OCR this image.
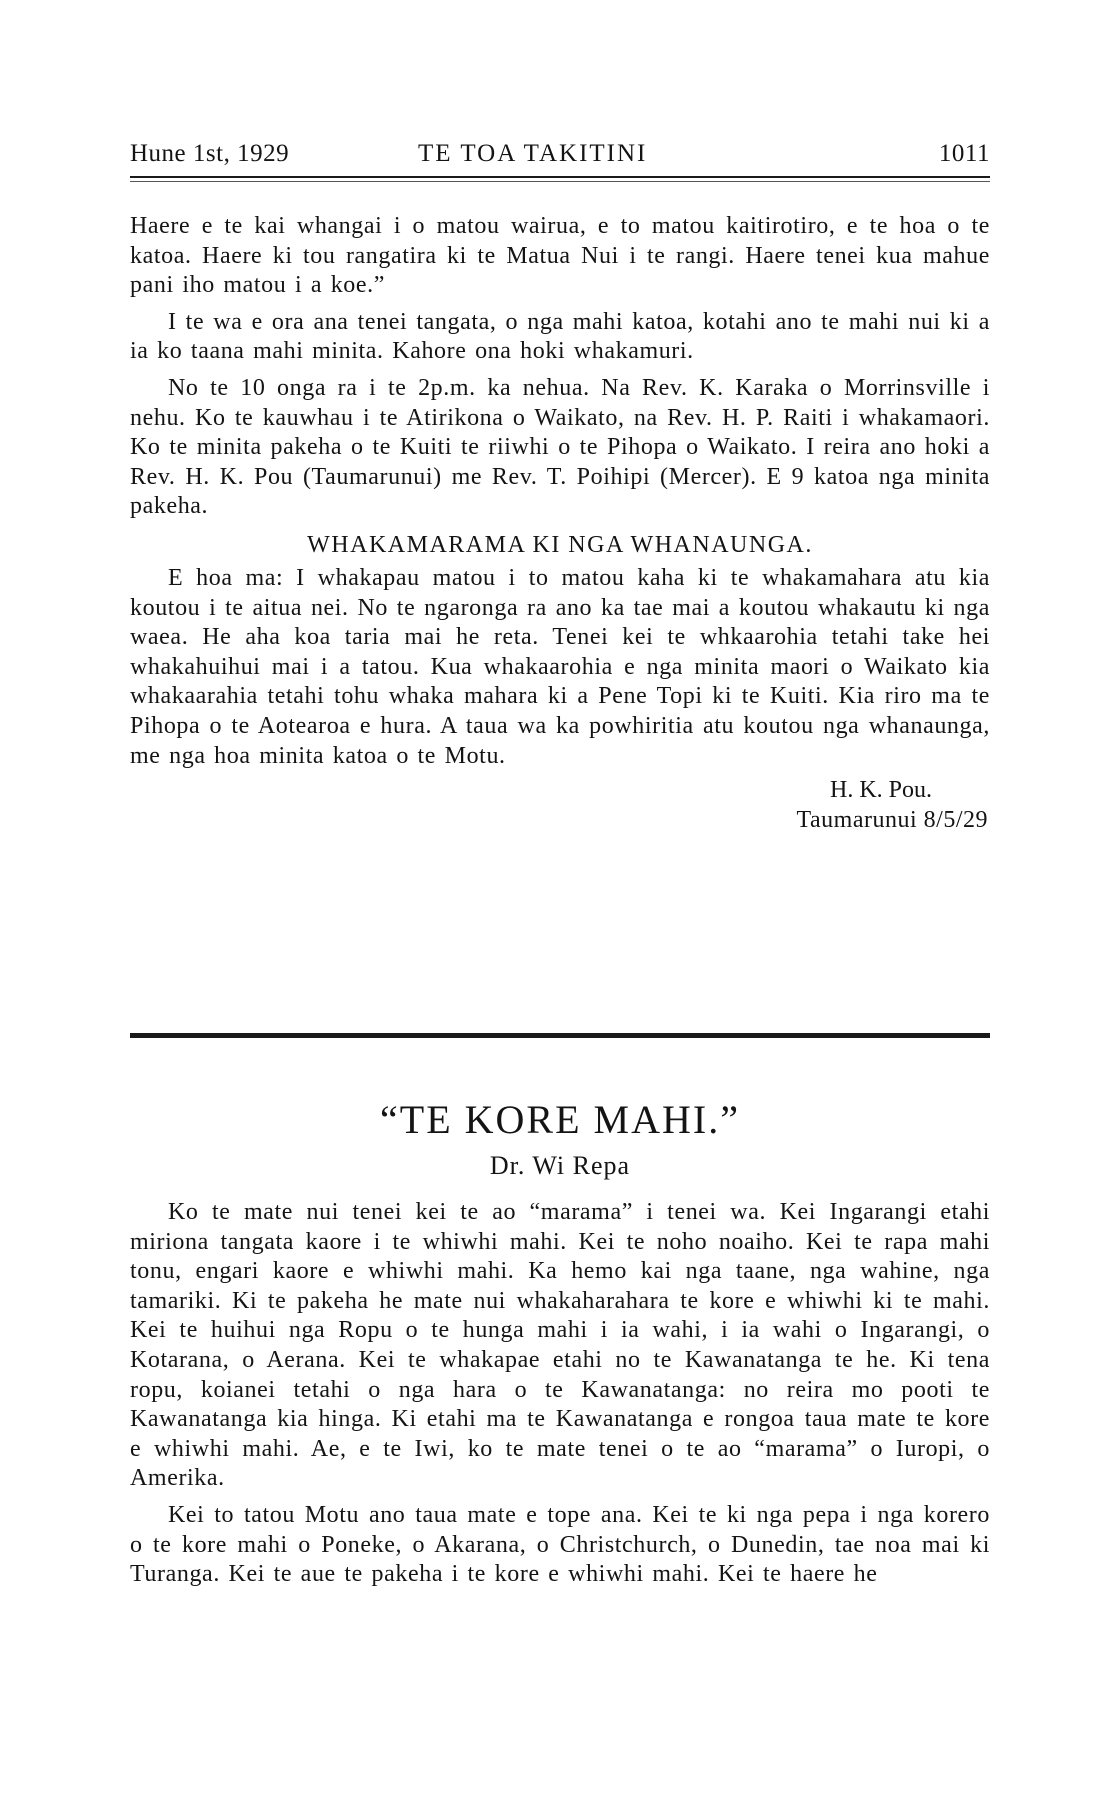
Hune 1st, 1929	TE TOA TAKITINI	1011

Haere e te kai whangai i o matou wairua, e to matou kaitirotiro, e te hoa o te katoa. Haere ki tou rangatira ki te Matua Nui i te rangi. Haere tenei kua mahue pani iho matou i a koe.”

I te wa e ora ana tenei tangata, o nga mahi katoa, kotahi ano te mahi nui ki a ia ko taana mahi minita. Kahore ona hoki whakamuri.

No te 10 onga ra i te 2p.m. ka nehua. Na Rev. K. Karaka o Morrinsville i nehu. Ko te kauwhau i te Atirikona o Waikato, na Rev. H. P. Raiti i whakamaori. Ko te minita pakeha o te Kuiti te riiwhi o te Pihopa o Waikato. I reira ano hoki a Rev. H. K. Pou (Taumarunui) me Rev. T. Poihipi (Mercer). E 9 katoa nga minita pakeha.

WHAKAMARAMA KI NGA WHANAUNGA.

E hoa ma: I whakapau matou i to matou kaha ki te whakamahara atu kia koutou i te aitua nei. No te ngaronga ra ano ka tae mai a koutou whakautu ki nga waea. He aha koa taria mai he reta. Tenei kei te whkaarohia tetahi take hei whakahuihui mai i a tatou. Kua whakaarohia e nga minita maori o Waikato kia whakaarahia tetahi tohu whaka mahara ki a Pene Topi ki te Kuiti. Kia riro ma te Pihopa o te Aotearoa e hura. A taua wa ka powhiritia atu koutou nga whanaunga, me nga hoa minita katoa o te Motu.

H. K. Pou.
Taumarunui 8/5/29
“TE KORE MAHI.”
Dr. Wi Repa

Ko te mate nui tenei kei te ao “marama” i tenei wa. Kei Ingarangi etahi miriona tangata kaore i te whiwhi mahi. Kei te noho noaiho. Kei te rapa mahi tonu, engari kaore e whiwhi mahi. Ka hemo kai nga taane, nga wahine, nga tamariki. Ki te pakeha he mate nui whakaharahara te kore e whiwhi ki te mahi. Kei te huihui nga Ropu o te hunga mahi i ia wahi, i ia wahi o Ingarangi, o Kotarana, o Aerana. Kei te whakapae etahi no te Kawanatanga te he. Ki tena ropu, koianei tetahi o nga hara o te Kawanatanga: no reira mo pooti te Kawanatanga kia hinga. Ki etahi ma te Kawanatanga e rongoa taua mate te kore e whiwhi mahi. Ae, e te Iwi, ko te mate tenei o te ao “marama” o Iuropi, o Amerika.

Kei to tatou Motu ano taua mate e tope ana. Kei te ki nga pepa i nga korero o te kore mahi o Poneke, o Akarana, o Christchurch, o Dunedin, tae noa mai ki Turanga. Kei te aue te pakeha i te kore e whiwhi mahi. Kei te haere he
